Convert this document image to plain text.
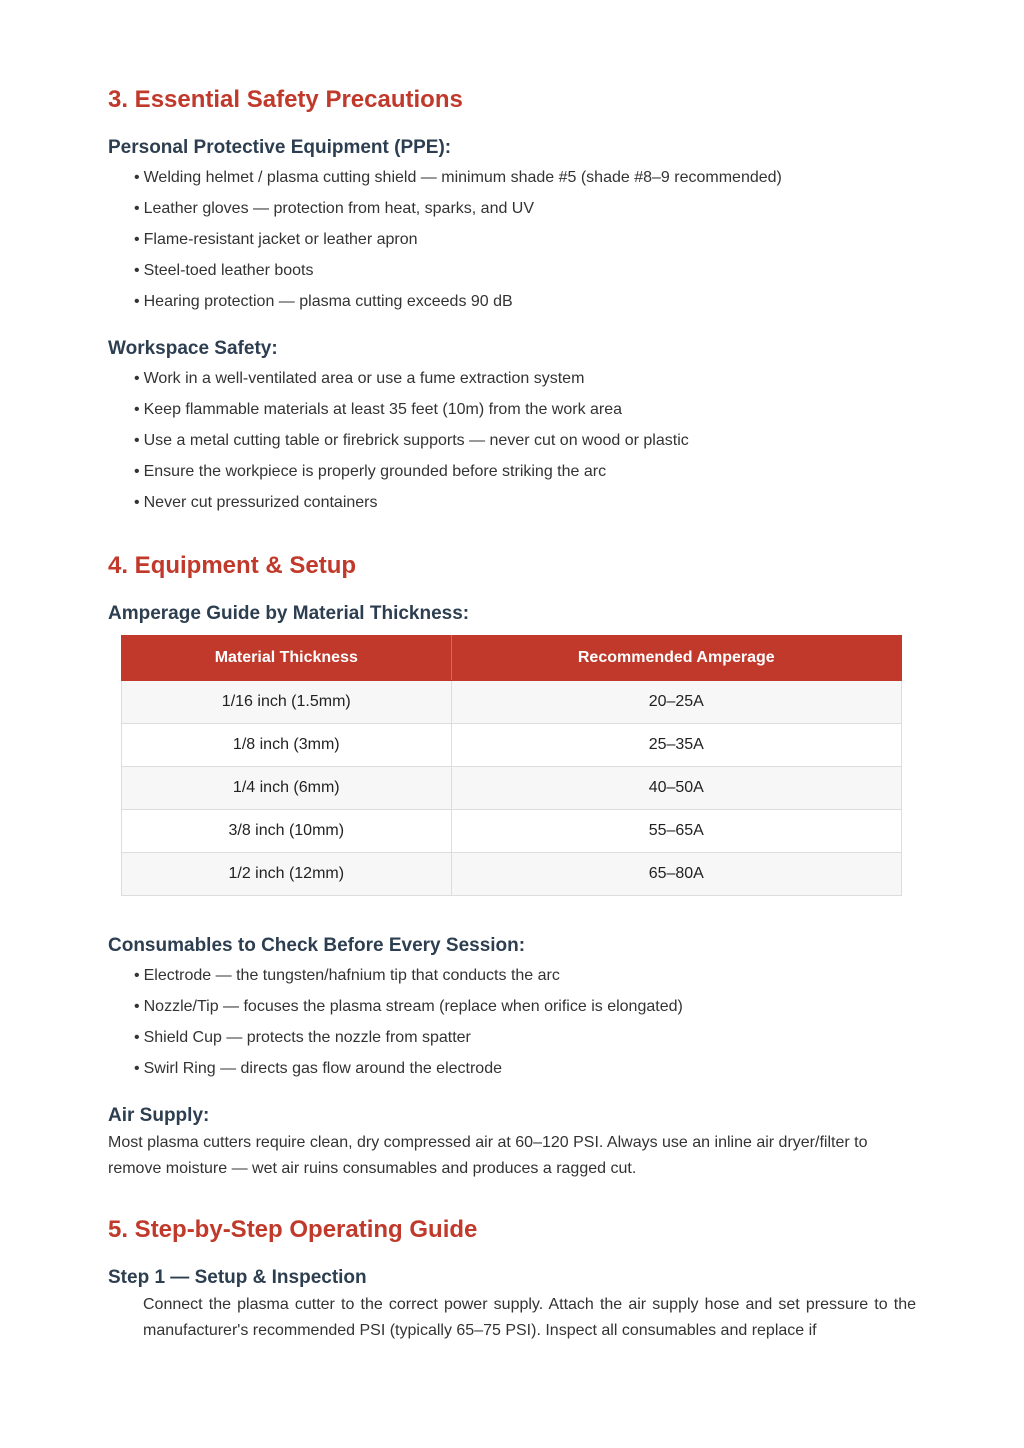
3. Essential Safety Precautions
Personal Protective Equipment (PPE):
• Welding helmet / plasma cutting shield — minimum shade #5 (shade #8–9 recommended)
• Leather gloves — protection from heat, sparks, and UV
• Flame-resistant jacket or leather apron
• Steel-toed leather boots
• Hearing protection — plasma cutting exceeds 90 dB
Workspace Safety:
• Work in a well-ventilated area or use a fume extraction system
• Keep flammable materials at least 35 feet (10m) from the work area
• Use a metal cutting table or firebrick supports — never cut on wood or plastic
• Ensure the workpiece is properly grounded before striking the arc
• Never cut pressurized containers
4. Equipment & Setup
Amperage Guide by Material Thickness:
Material Thickness	Recommended Amperage
1/16 inch (1.5mm)	20–25A
1/8 inch (3mm)	25–35A
1/4 inch (6mm)	40–50A
3/8 inch (10mm)	55–65A
1/2 inch (12mm)	65–80A
Consumables to Check Before Every Session:
• Electrode — the tungsten/hafnium tip that conducts the arc
• Nozzle/Tip — focuses the plasma stream (replace when orifice is elongated)
• Shield Cup — protects the nozzle from spatter
• Swirl Ring — directs gas flow around the electrode
Air Supply:

Most plasma cutters require clean, dry compressed air at 60–120 PSI. Always use an inline air dryer/filter to remove moisture — wet air ruins consumables and produces a ragged cut.

5. Step-by-Step Operating Guide
Step 1 — Setup & Inspection

Connect the plasma cutter to the correct power supply. Attach the air supply hose and set pressure to the manufacturer's recommended PSI (typically 65–75 PSI). Inspect all consumables and replace if
